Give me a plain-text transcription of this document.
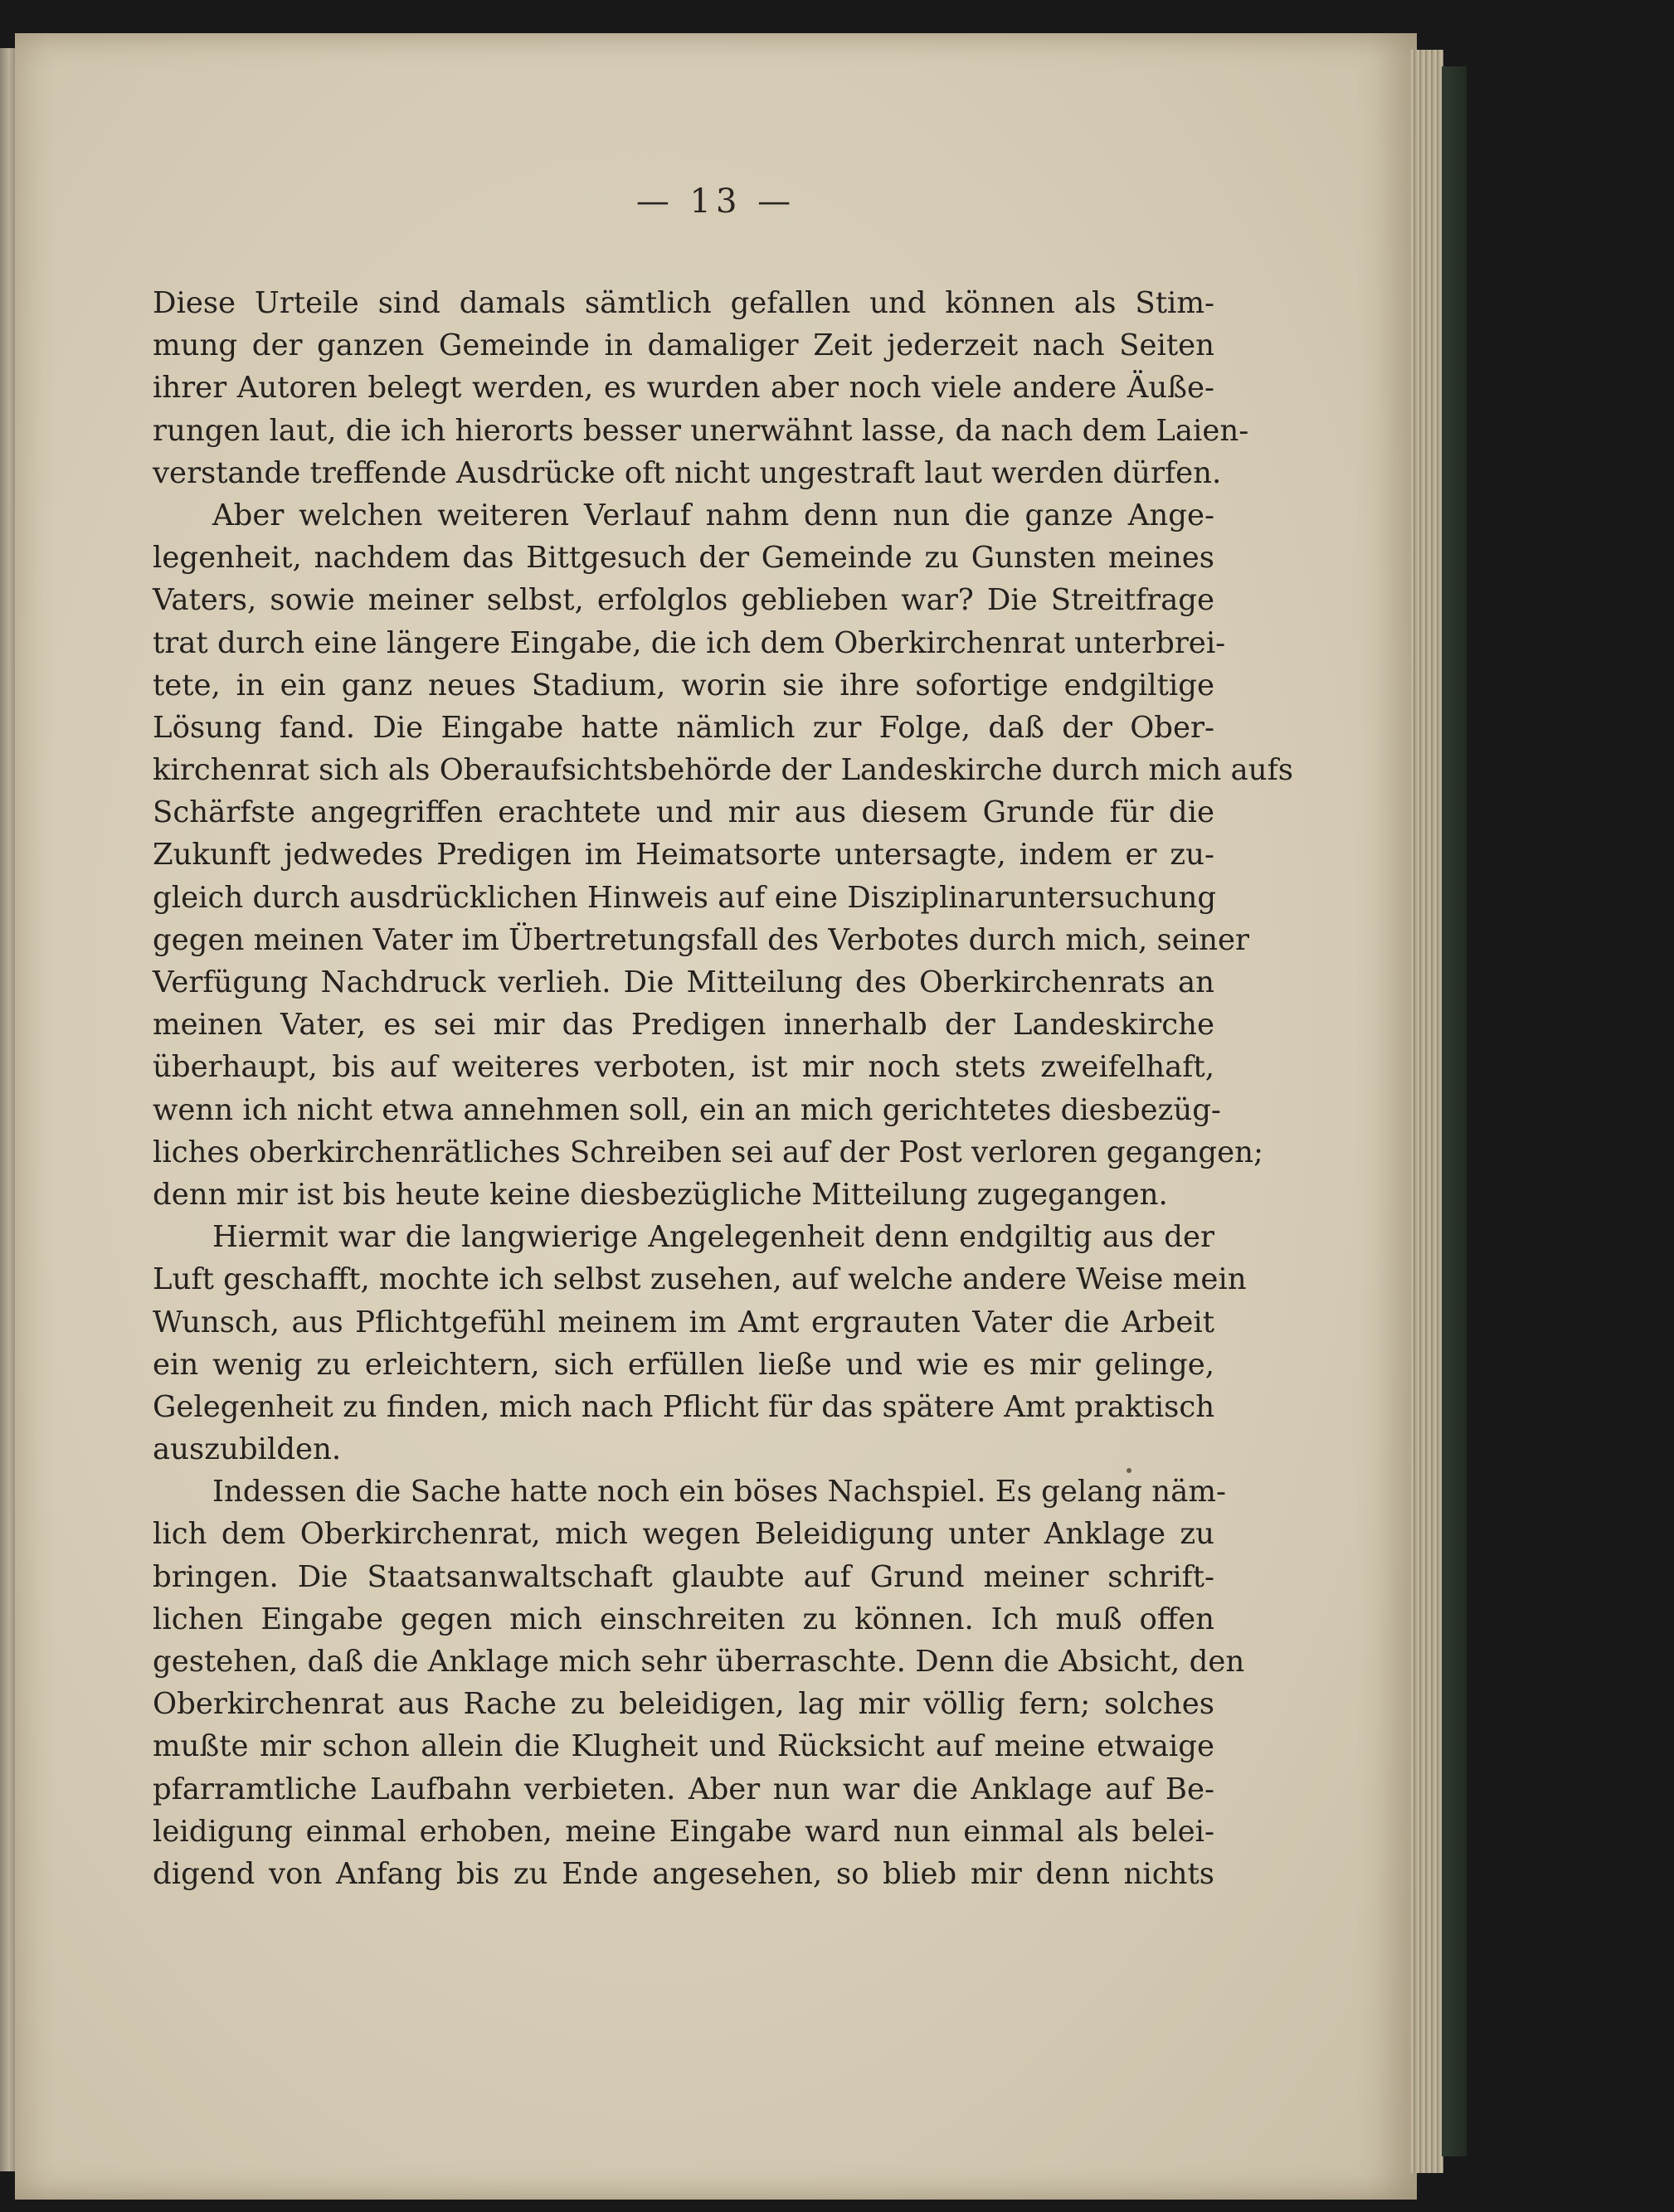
— 13 —
Diese Urteile sind damals sämtlich gefallen und können als Stim-
mung der ganzen Gemeinde in damaliger Zeit jederzeit nach Seiten
ihrer Autoren belegt werden, es wurden aber noch viele andere Äuße-
rungen laut, die ich hierorts besser unerwähnt lasse, da nach dem Laien-
verstande treffende Ausdrücke oft nicht ungestraft laut werden dürfen.
Aber welchen weiteren Verlauf nahm denn nun die ganze Ange-
legenheit, nachdem das Bittgesuch der Gemeinde zu Gunsten meines
Vaters, sowie meiner selbst, erfolglos geblieben war? Die Streitfrage
trat durch eine längere Eingabe, die ich dem Oberkirchenrat unterbrei-
tete, in ein ganz neues Stadium, worin sie ihre sofortige endgiltige
Lösung fand. Die Eingabe hatte nämlich zur Folge, daß der Ober-
kirchenrat sich als Oberaufsichtsbehörde der Landeskirche durch mich aufs
Schärfste angegriffen erachtete und mir aus diesem Grunde für die
Zukunft jedwedes Predigen im Heimatsorte untersagte, indem er zu-
gleich durch ausdrücklichen Hinweis auf eine Disziplinaruntersuchung
gegen meinen Vater im Übertretungsfall des Verbotes durch mich, seiner
Verfügung Nachdruck verlieh. Die Mitteilung des Oberkirchenrats an
meinen Vater, es sei mir das Predigen innerhalb der Landeskirche
überhaupt, bis auf weiteres verboten, ist mir noch stets zweifelhaft,
wenn ich nicht etwa annehmen soll, ein an mich gerichtetes diesbezüg-
liches oberkirchenrätliches Schreiben sei auf der Post verloren gegangen;
denn mir ist bis heute keine diesbezügliche Mitteilung zugegangen.
Hiermit war die langwierige Angelegenheit denn endgiltig aus der
Luft geschafft, mochte ich selbst zusehen, auf welche andere Weise mein
Wunsch, aus Pflichtgefühl meinem im Amt ergrauten Vater die Arbeit
ein wenig zu erleichtern, sich erfüllen ließe und wie es mir gelinge,
Gelegenheit zu finden, mich nach Pflicht für das spätere Amt praktisch
auszubilden.
Indessen die Sache hatte noch ein böses Nachspiel. Es gelang näm-
lich dem Oberkirchenrat, mich wegen Beleidigung unter Anklage zu
bringen. Die Staatsanwaltschaft glaubte auf Grund meiner schrift-
lichen Eingabe gegen mich einschreiten zu können. Ich muß offen
gestehen, daß die Anklage mich sehr überraschte. Denn die Absicht, den
Oberkirchenrat aus Rache zu beleidigen, lag mir völlig fern; solches
mußte mir schon allein die Klugheit und Rücksicht auf meine etwaige
pfarramtliche Laufbahn verbieten. Aber nun war die Anklage auf Be-
leidigung einmal erhoben, meine Eingabe ward nun einmal als belei-
digend von Anfang bis zu Ende angesehen, so blieb mir denn nichts
